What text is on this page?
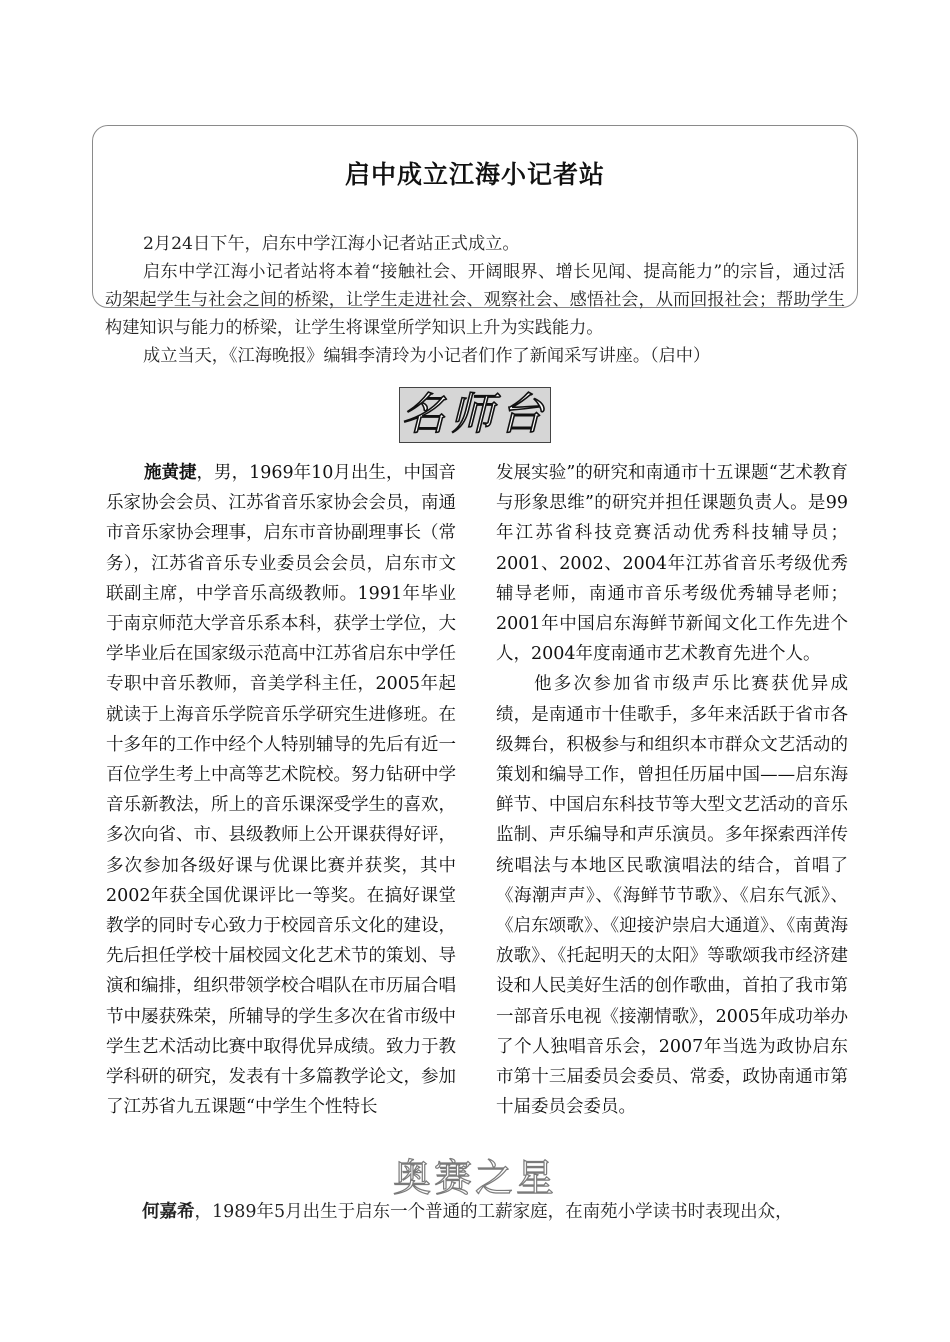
启中成立江海小记者站

2月24日下午，启东中学江海小记者站正式成立。

启东中学江海小记者站将本着“接触社会、开阔眼界、增长见闻、提高能力”的宗旨，通过活动架起学生与社会之间的桥梁，让学生走进社会、观察社会、感悟社会，从而回报社会；帮助学生构建知识与能力的桥梁，让学生将课堂所学知识上升为实践能力。

成立当天，《江海晚报》编辑李清玲为小记者们作了新闻采写讲座。（启中）

名师台

施黄捷，男，1969年10月出生，中国音乐家协会会员、江苏省音乐家协会会员，南通市音乐家协会理事，启东市音协副理事长（常务），江苏省音乐专业委员会会员，启东市文联副主席，中学音乐高级教师。1991年毕业于南京师范大学音乐系本科，获学士学位，大学毕业后在国家级示范高中江苏省启东中学任专职中音乐教师，音美学科主任，2005年起就读于上海音乐学院音乐学研究生进修班。在十多年的工作中经个人特别辅导的先后有近一百位学生考上中高等艺术院校。努力钻研中学音乐新教法，所上的音乐课深受学生的喜欢，多次向省、市、县级教师上公开课获得好评，多次参加各级好课与优课比赛并获奖，其中2002年获全国优课评比一等奖。在搞好课堂教学的同时专心致力于校园音乐文化的建设，先后担任学校十届校园文化艺术节的策划、导演和编排，组织带领学校合唱队在市历届合唱节中屡获殊荣，所辅导的学生多次在省市级中学生艺术活动比赛中取得优异成绩。致力于教学科研的研究，发表有十多篇教学论文，参加了江苏省九五课题“中学生个性特长

发展实验”的研究和南通市十五课题“艺术教育与形象思维”的研究并担任课题负责人。是99年江苏省科技竞赛活动优秀科技辅导员；2001、2002、2004年江苏省音乐考级优秀辅导老师，南通市音乐考级优秀辅导老师；2001年中国启东海鲜节新闻文化工作先进个人，2004年度南通市艺术教育先进个人。

他多次参加省市级声乐比赛获优异成绩，是南通市十佳歌手，多年来活跃于省市各级舞台，积极参与和组织本市群众文艺活动的策划和编导工作，曾担任历届中国——启东海鲜节、中国启东科技节等大型文艺活动的音乐监制、声乐编导和声乐演员。多年探索西洋传统唱法与本地区民歌演唱法的结合，首唱了《海潮声声》、《海鲜节节歌》、《启东气派》、《启东颂歌》、《迎接沪崇启大通道》、《南黄海放歌》、《托起明天的太阳》等歌颂我市经济建设和人民美好生活的创作歌曲，首拍了我市第一部音乐电视《接潮情歌》，2005年成功举办了个人独唱音乐会，2007年当选为政协启东市第十三届委员会委员、常委，政协南通市第十届委员会委员。

奥赛之星

何嘉希，1989年5月出生于启东一个普通的工薪家庭，在南苑小学读书时表现出众，
